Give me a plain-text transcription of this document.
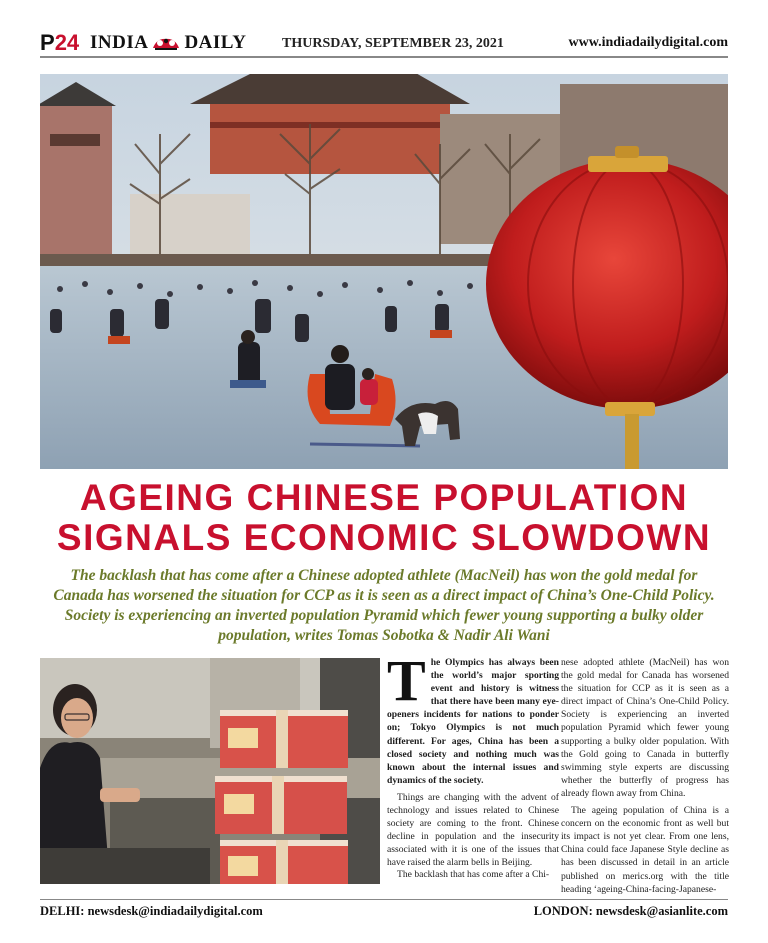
P24 INDIA DAILY	THURSDAY, SEPTEMBER 23, 2021	www.indiadailydigital.com
AGEING CHINESE POPULATION
SIGNALS ECONOMIC SLOWDOWN
The backlash that has come after a Chinese adopted athlete (MacNeil) has won the gold medal for Canada has worsened the situation for CCP as it is seen as a direct impact of China’s One-Child Policy. Society is experiencing an inverted population Pyramid which fewer young supporting a bulky older population, writes Tomas Sobotka & Nadir Ali Wani

The Olympics has always been the world’s major sporting event and history is witness that there have been many eye-openers incidents for nations to ponder on; Tokyo Olympics is not much different. For ages, China has been a closed society and nothing much was known about the internal issues and dynamics of the society.

Things are changing with the advent of technology and issues related to Chinese society are coming to the front. Chinese decline in population and the insecurity associated with it is one of the issues that have raised the alarm bells in Beijing.

The backlash that has come after a Chi-

nese adopted athlete (MacNeil) has won the gold medal for Canada has worsened the situation for CCP as it is seen as a direct impact of China’s One-Child Policy. Society is experiencing an inverted population Pyramid which fewer young supporting a bulky older population. With the Gold going to Canada in butterfly swimming style experts are discussing whether the butterfly of progress has already flown away from China.

The ageing population of China is a concern on the economic front as well but its impact is not yet clear. From one lens, China could face Japanese Style decline as has been discussed in detail in an article published on merics.org with the title heading ‘ageing-China-facing-Japanese-

DELHI: newsdesk@indiadailydigital.com	LONDON: newsdesk@asianlite.com
